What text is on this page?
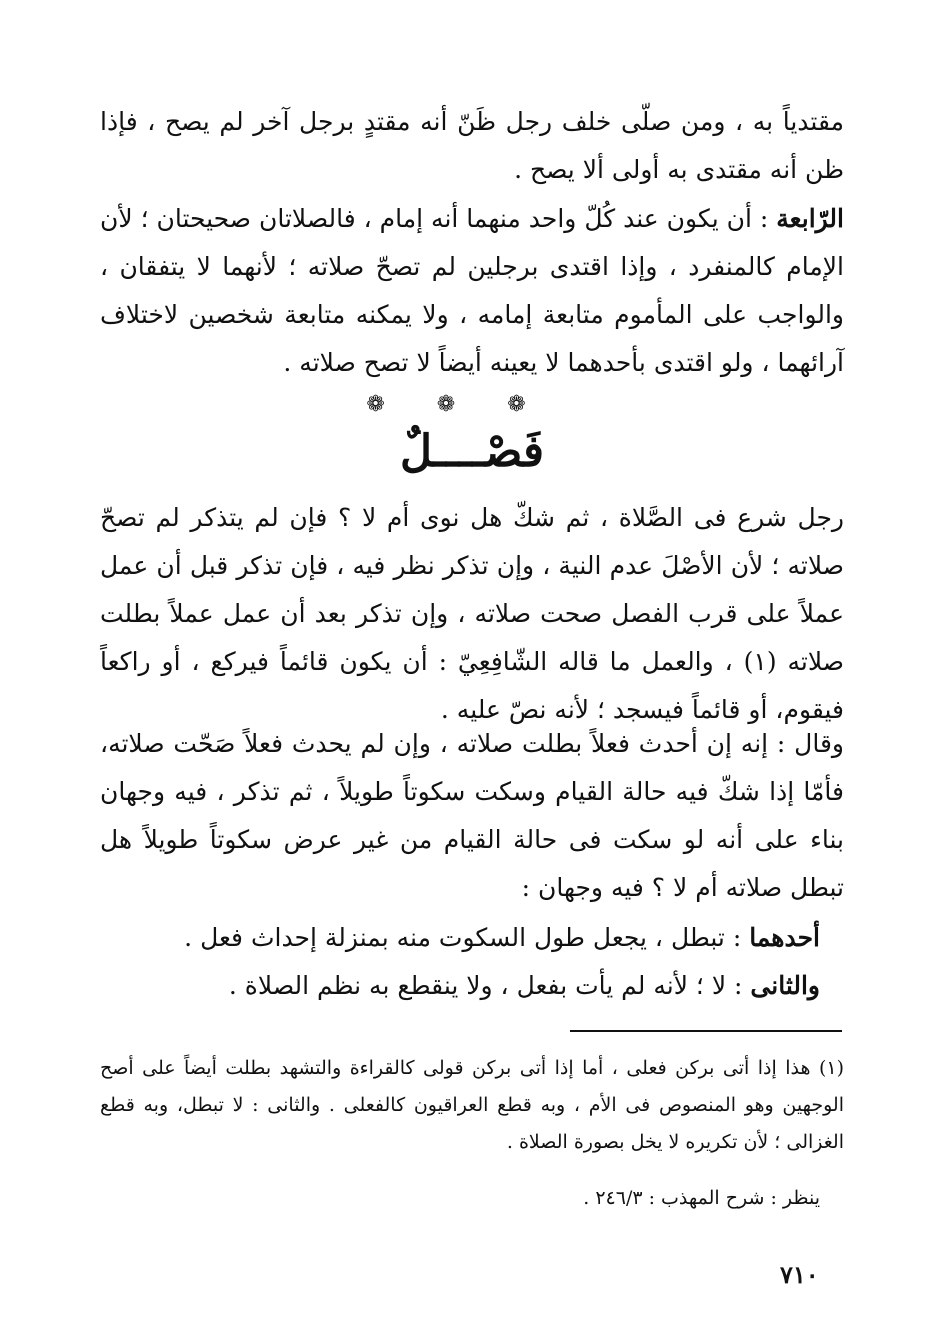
مقتدياً به ، ومن صلّى خلف رجل ظَنّ أنه مقتدٍ برجل آخر لم يصح ، فإذا ظن أنه مقتدى به أولى ألا يصح .
الرّابعة : أن يكون عند كُلّ واحد منهما أنه إمام ، فالصلاتان صحيحتان ؛ لأن الإمام كالمنفرد ، وإذا اقتدى برجلين لم تصحّ صلاته ؛ لأنهما لا يتفقان ، والواجب على المأموم متابعة إمامه ، ولا يمكنه متابعة شخصين لاختلاف آرائهما ، ولو اقتدى بأحدهما لا يعينه أيضاً لا تصح صلاته .
❁❁❁
فَصْــــلٌ
رجل شرع فى الصَّلاة ، ثم شكّ هل نوى أم لا ؟ فإن لم يتذكر لم تصحّ صلاته ؛ لأن الأصْلَ عدم النية ، وإن تذكر نظر فيه ، فإن تذكر قبل أن عمل عملاً على قرب الفصل صحت صلاته ، وإن تذكر بعد أن عمل عملاً بطلت صلاته (١) ، والعمل ما قاله الشّافِعِيّ : أن يكون قائماً فيركع ، أو راكعاً فيقوم، أو قائماً فيسجد ؛ لأنه نصّ عليه .
وقال : إنه إن أحدث فعلاً بطلت صلاته ، وإن لم يحدث فعلاً صَحّت صلاته، فأمّا إذا شكّ فيه حالة القيام وسكت سكوتاً طويلاً ، ثم تذكر ، فيه وجهان بناء على أنه لو سكت فى حالة القيام من غير عرض سكوتاً طويلاً هل تبطل صلاته أم لا ؟ فيه وجهان :
أحدهما : تبطل ، يجعل طول السكوت منه بمنزلة إحداث فعل .
والثانى : لا ؛ لأنه لم يأت بفعل ، ولا ينقطع به نظم الصلاة .
(١) هذا إذا أتى بركن فعلى ، أما إذا أتى بركن قولى كالقراءة والتشهد بطلت أيضاً على أصح الوجهين وهو المنصوص فى الأم ، وبه قطع العراقيون كالفعلى . والثانى : لا تبطل، وبه قطع الغزالى ؛ لأن تكريره لا يخل بصورة الصلاة .
ينظر : شرح المهذب : ٢٤٦/٣ .
٧١٠
